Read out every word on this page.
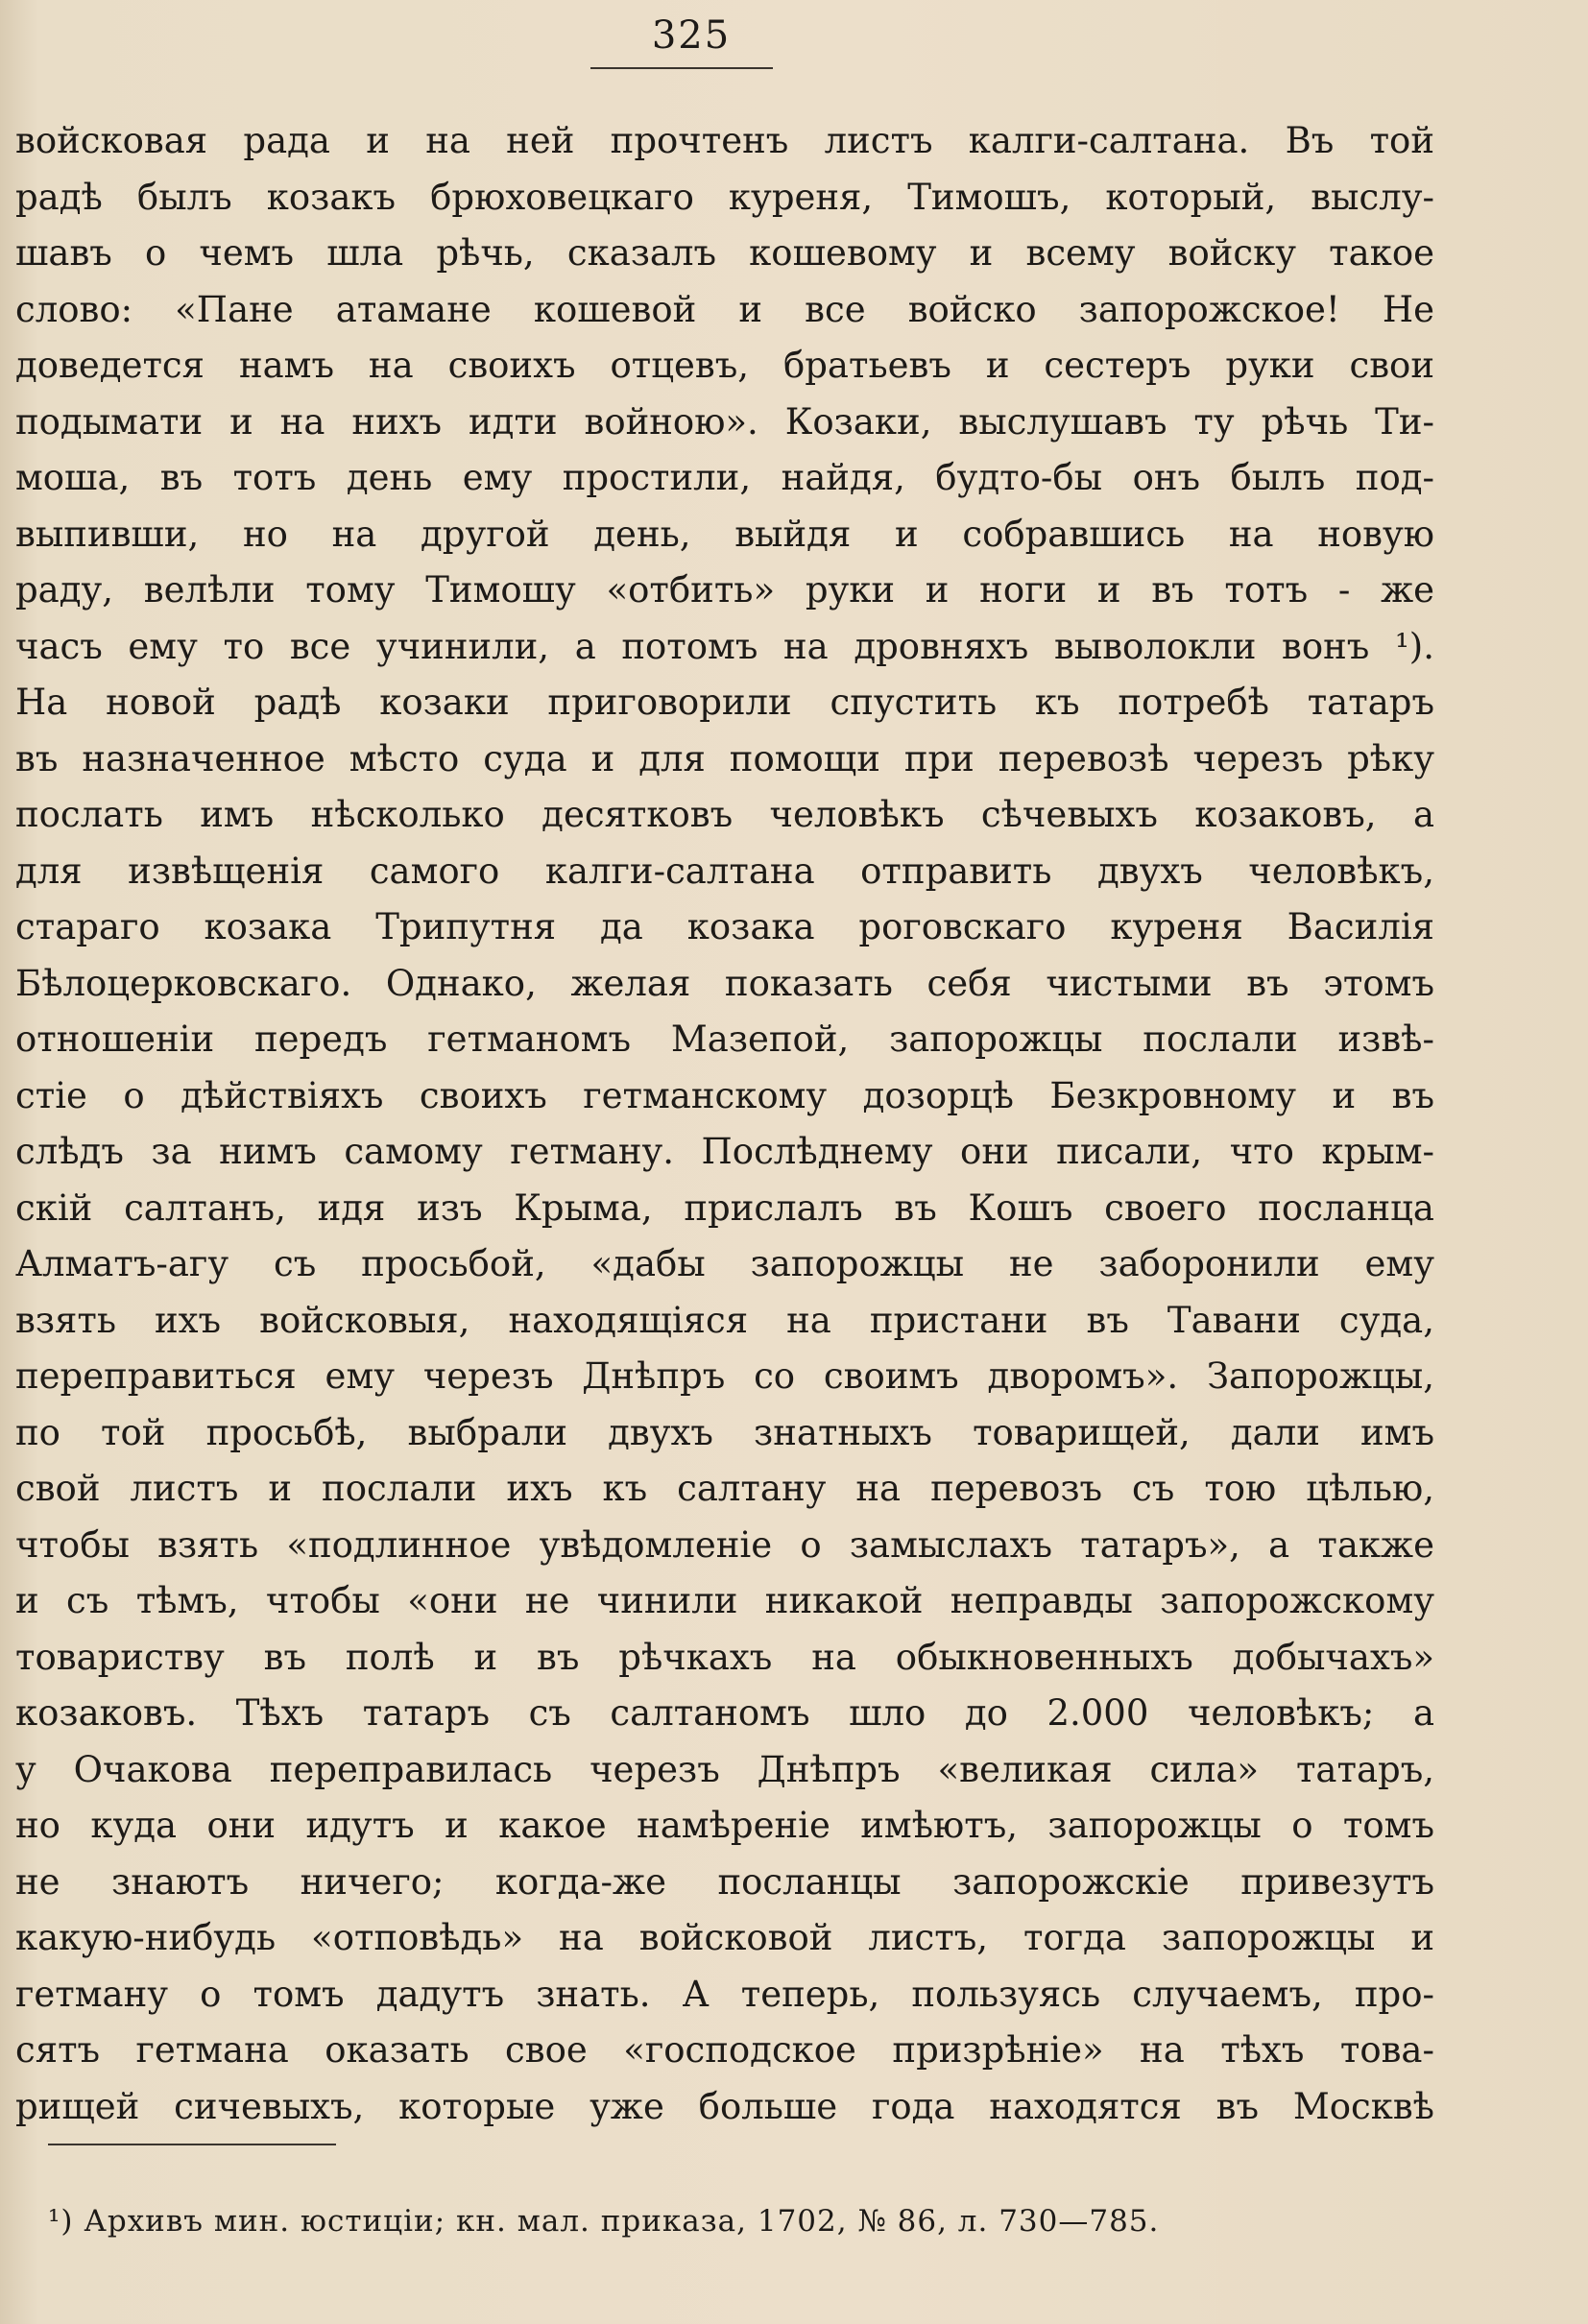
325
войсковая рада и на ней прочтенъ листъ калги-салтана. Въ той
радѣ былъ козакъ брюховецкаго куреня, Тимошъ, который, выслу-
шавъ о чемъ шла рѣчь, сказалъ кошевому и всему войску такое
слово: «Пане атамане кошевой и все войско запорожское! Не
доведется намъ на своихъ отцевъ, братьевъ и сестеръ руки свои
подымати и на нихъ идти войною». Козаки, выслушавъ ту рѣчь Ти-
моша, въ тотъ день ему простили, найдя, будто-бы онъ былъ под-
выпивши, но на другой день, выйдя и собравшись на новую
раду, велѣли тому Тимошу «отбить» руки и ноги и въ тотъ - же
часъ ему то все учинили, а потомъ на дровняхъ выволокли вонъ ¹).
На новой радѣ козаки приговорили спустить къ потребѣ татаръ
въ назначенное мѣсто суда и для помощи при перевозѣ черезъ рѣку
послать имъ нѣсколько десятковъ человѣкъ сѣчевыхъ козаковъ, а
для извѣщенія самого калги-салтана отправить двухъ человѣкъ,
стараго козака Трипутня да козака роговскаго куреня Василія
Бѣлоцерковскаго. Однако, желая показать себя чистыми въ этомъ
отношеніи передъ гетманомъ Мазепой, запорожцы послали извѣ-
стіе о дѣйствіяхъ своихъ гетманскому дозорцѣ Безкровному и въ
слѣдъ за нимъ самому гетману. Послѣднему они писали, что крым-
скій салтанъ, идя изъ Крыма, прислалъ въ Кошъ своего посланца
Алматъ-агу съ просьбой, «дабы запорожцы не заборонили ему
взять ихъ войсковыя, находящіяся на пристани въ Тавани суда,
переправиться ему черезъ Днѣпръ со своимъ дворомъ». Запорожцы,
по той просьбѣ, выбрали двухъ знатныхъ товарищей, дали имъ
свой листъ и послали ихъ къ салтану на перевозъ съ тою цѣлью,
чтобы взять «подлинное увѣдомленіе о замыслахъ татаръ», а также
и съ тѣмъ, чтобы «они не чинили никакой неправды запорожскому
товариству въ полѣ и въ рѣчкахъ на обыкновенныхъ добычахъ»
козаковъ. Тѣхъ татаръ съ салтаномъ шло до 2.000 человѣкъ; а
у Очакова переправилась черезъ Днѣпръ «великая сила» татаръ,
но куда они идутъ и какое намѣреніе имѣютъ, запорожцы о томъ
не знаютъ ничего; когда-же посланцы запорожскіе привезутъ
какую-нибудь «отповѣдь» на войсковой листъ, тогда запорожцы и
гетману о томъ дадутъ знать. А теперь, пользуясь случаемъ, про-
сятъ гетмана оказать свое «господское призрѣніе» на тѣхъ това-
рищей сичевыхъ, которые уже больше года находятся въ Москвѣ
¹) Архивъ мин. юстиціи; кн. мал. приказа, 1702, № 86, л. 730—785.
